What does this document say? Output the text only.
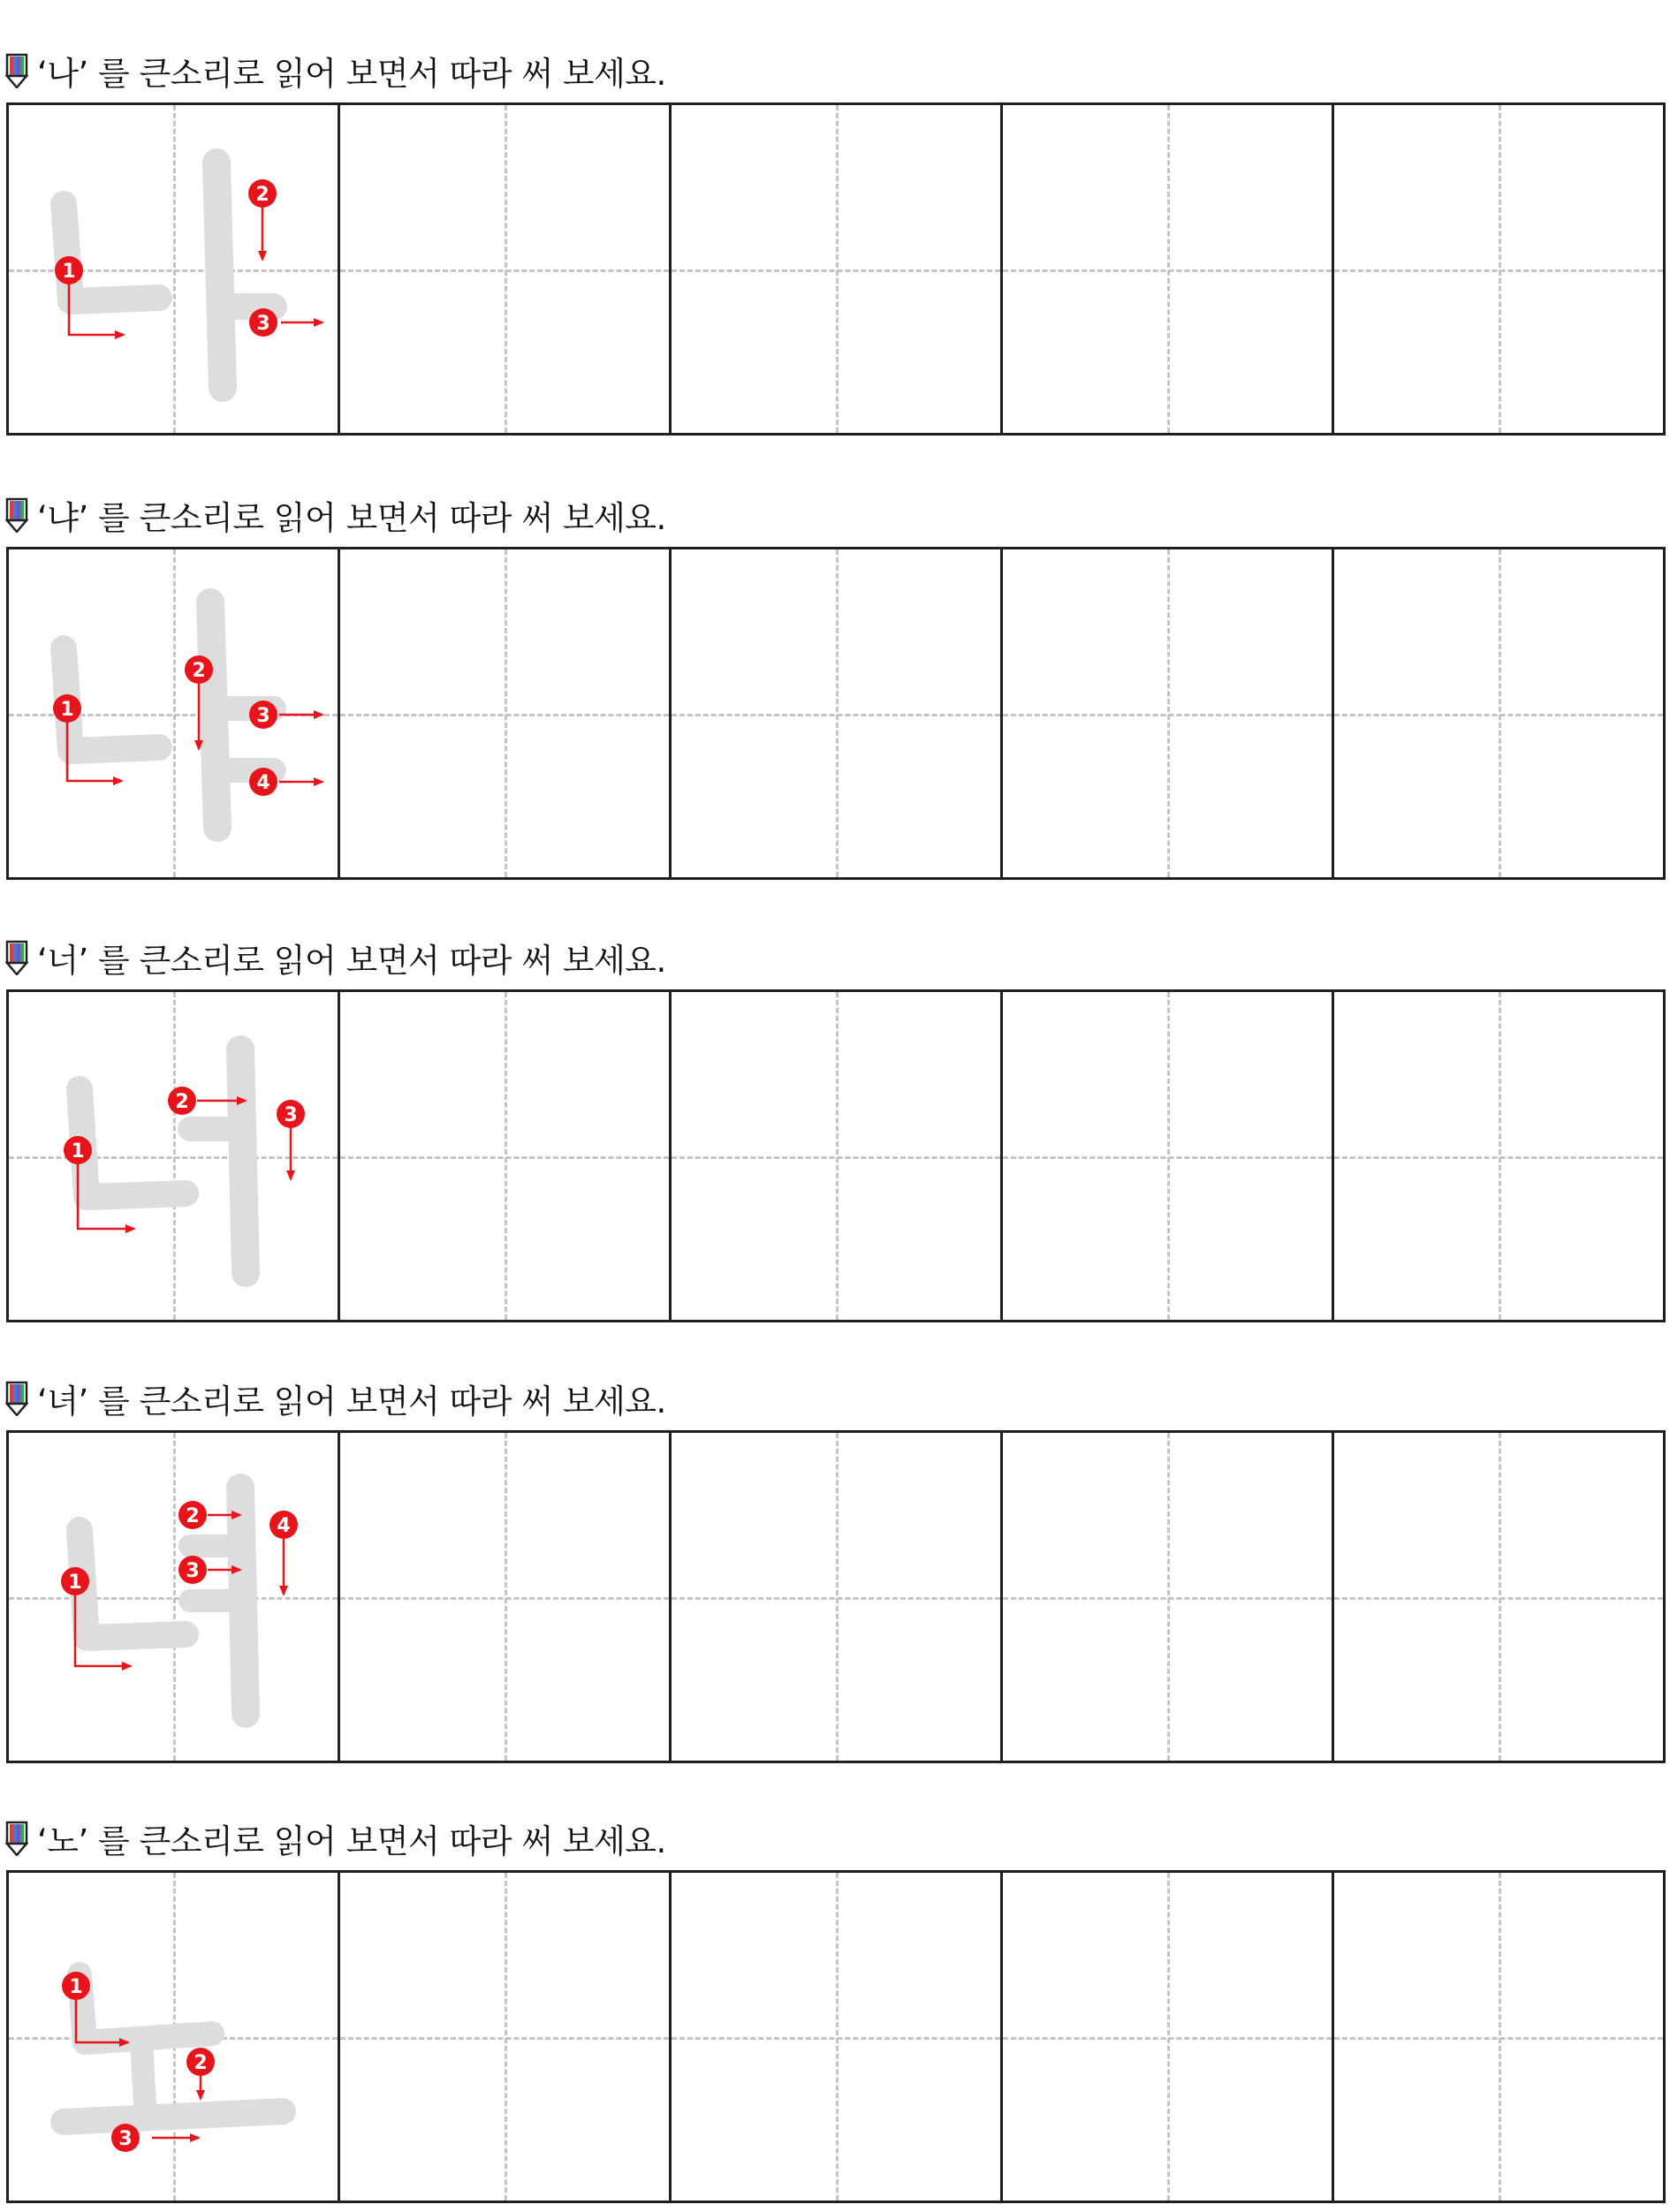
‘나’ 를 큰소리로 읽어 보면서 따라 써 보세요.
1
2
3
‘냐’ 를 큰소리로 읽어 보면서 따라 써 보세요.
1
2
3
4
‘너’ 를 큰소리로 읽어 보면서 따라 써 보세요.
1
2
3
‘녀’ 를 큰소리로 읽어 보면서 따라 써 보세요.
1
2
3
4
‘노’ 를 큰소리로 읽어 보면서 따라 써 보세요.
1
2
3
